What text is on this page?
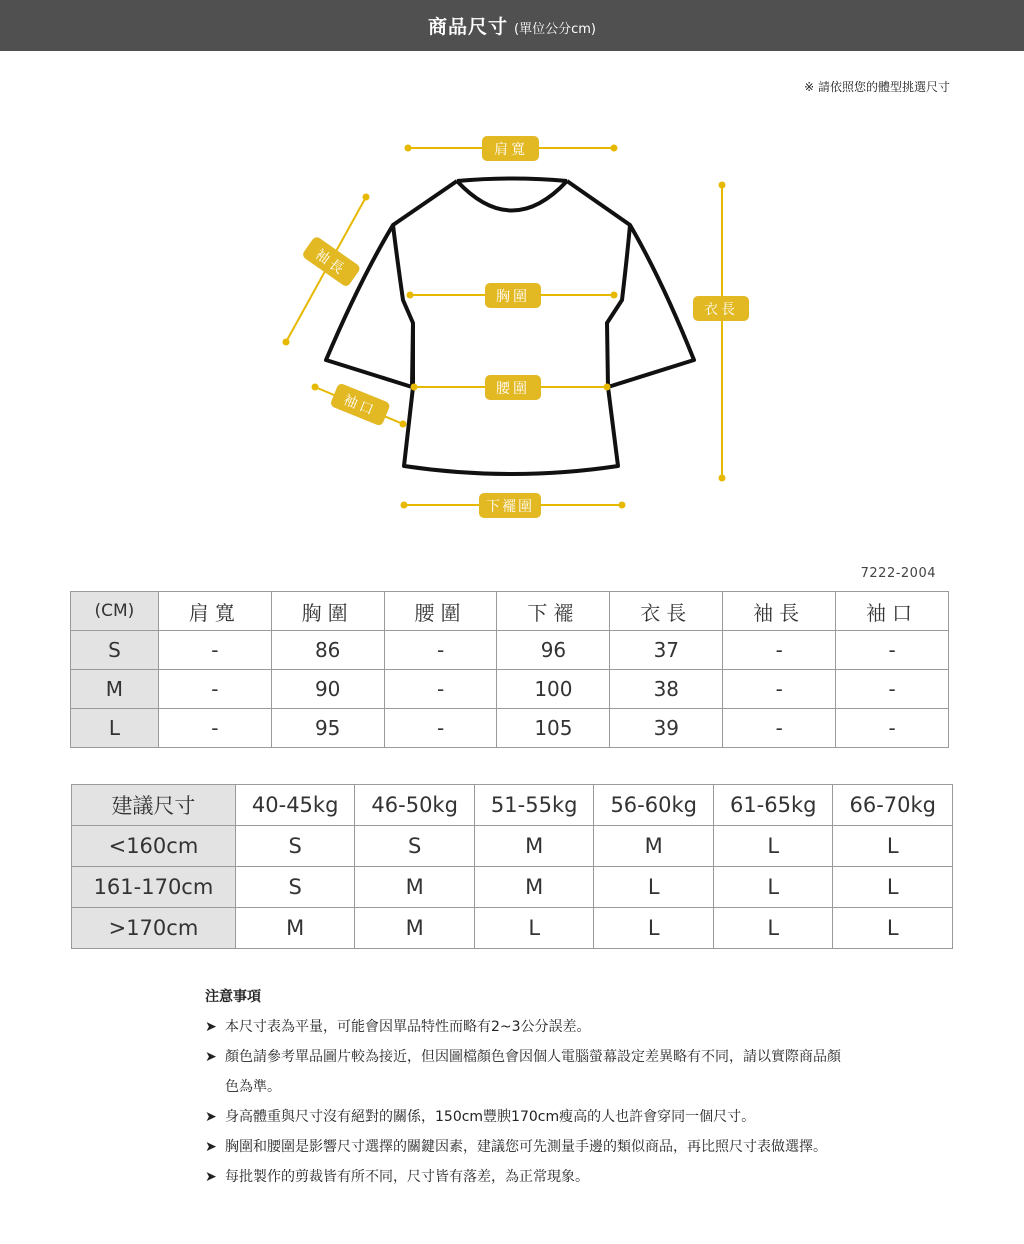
商品尺寸 (單位公分cm)
※ 請依照您的體型挑選尺寸
肩寬
胸圍
腰圍
下襬圍
衣長
袖長
袖口
7222-2004
(CM)	肩寬	胸圍	腰圍	下襬	衣長	袖長	袖口
S	-	86	-	96	37	-	-
M	-	90	-	100	38	-	-
L	-	95	-	105	39	-	-
建議尺寸	40-45kg	46-50kg	51-55kg	56-60kg	61-65kg	66-70kg
<160cm	S	S	M	M	L	L
161-170cm	S	M	M	L	L	L
>170cm	M	M	L	L	L	L
注意事項
➤ 本尺寸表為平量，可能會因單品特性而略有2~3公分誤差。
➤ 顏色請參考單品圖片較為接近，但因圖檔顏色會因個人電腦螢幕設定差異略有不同，請以實際商品顏色為準。
➤ 身高體重與尺寸沒有絕對的關係，150cm豐腴170cm瘦高的人也許會穿同一個尺寸。
➤ 胸圍和腰圍是影響尺寸選擇的關鍵因素，建議您可先測量手邊的類似商品，再比照尺寸表做選擇。
➤ 每批製作的剪裁皆有所不同，尺寸皆有落差，為正常現象。
